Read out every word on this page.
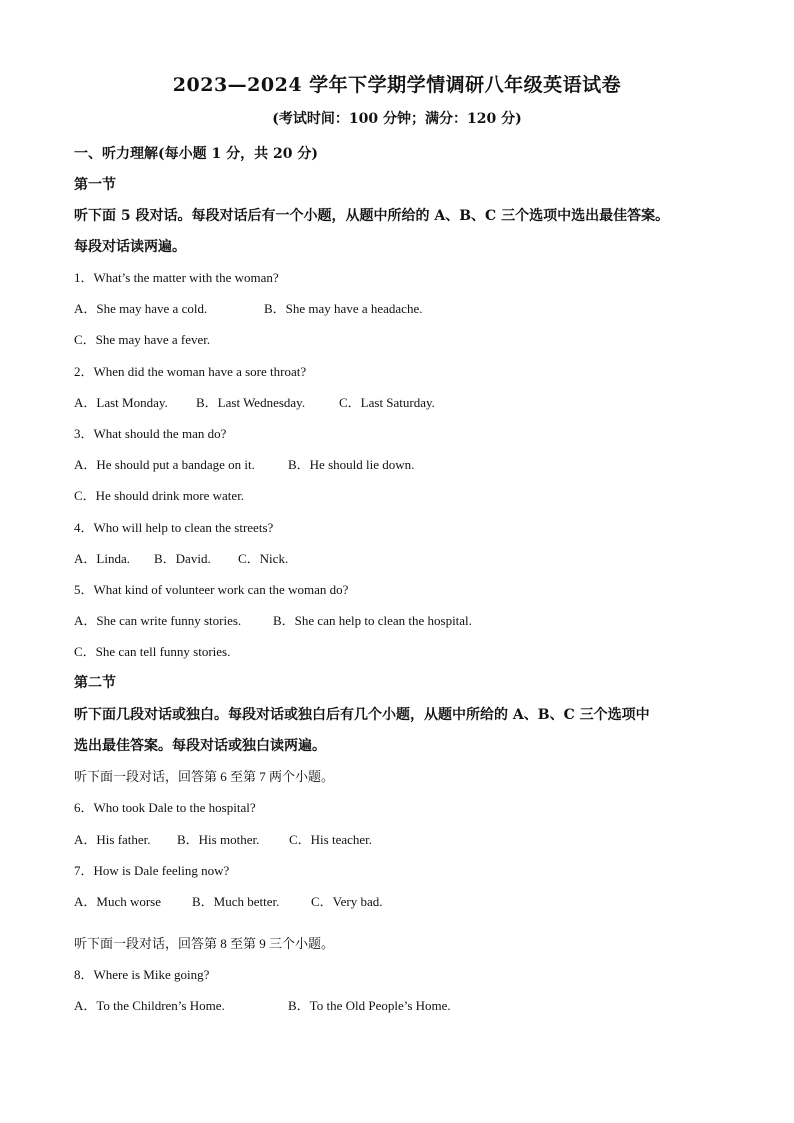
2023—2024 学年下学期学情调研八年级英语试卷
(考试时间：100 分钟；满分：120 分)
一、听力理解(每小题 1 分，共 20 分)
第一节
听下面 5 段对话。每段对话后有一个小题，从题中所给的 A、B、C 三个选项中选出最佳答案。
每段对话读两遍。
1．What’s the matter with the woman?
A．She may have a cold.	B．She may have a headache.
C．She may have a fever.
2．When did the woman have a sore throat?
A．Last Monday. B．Last Wednesday.	C．Last Saturday.
3．What should the man do?
A．He should put a bandage on it.	B．He should lie down.
C．He should drink more water.
4．Who will help to clean the streets?
A．Linda. B．David. C．Nick.
5．What kind of volunteer work can the woman do?
A．She can write funny stories. B．She can help to clean the hospital.
C．She can tell funny stories.
第二节
听下面几段对话或独白。每段对话或独白后有几个小题，从题中所给的 A、B、C 三个选项中
选出最佳答案。每段对话或独白读两遍。
听下面一段对话，回答第 6 至第 7 两个小题。
6．Who took Dale to the hospital?
A．His father. B．His mother. C．His teacher.
7．How is Dale feeling now?
A．Much worse B．Much better. C．Very bad.
听下面一段对话，回答第 8 至第 9 三个小题。
8．Where is Mike going?
A．To the Children’s Home.	B．To the Old People’s Home.
